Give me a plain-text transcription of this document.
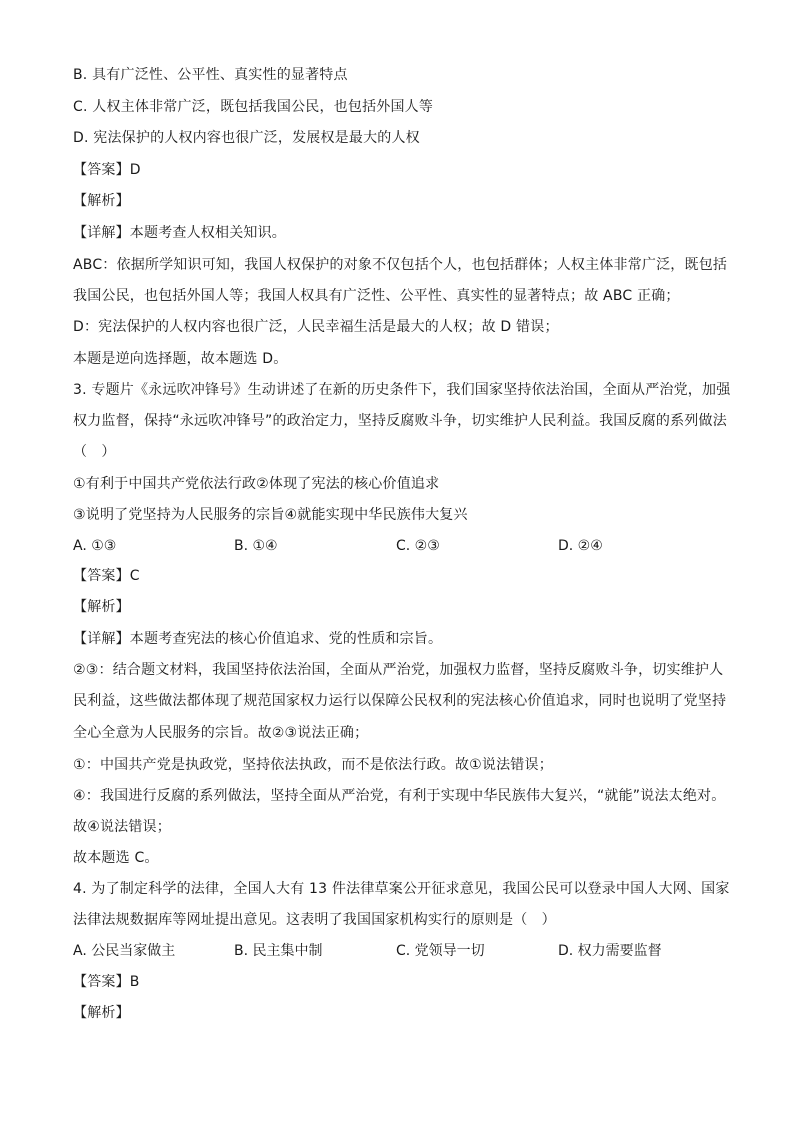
B. 具有广泛性、公平性、真实性的显著特点
C. 人权主体非常广泛，既包括我国公民，也包括外国人等
D. 宪法保护的人权内容也很广泛，发展权是最大的人权
【答案】D
【解析】
【详解】本题考查人权相关知识。
ABC：依据所学知识可知，我国人权保护的对象不仅包括个人，也包括群体；人权主体非常广泛，既包括
我国公民，也包括外国人等；我国人权具有广泛性、公平性、真实性的显著特点；故 ABC 正确；
D：宪法保护的人权内容也很广泛，人民幸福生活是最大的人权；故 D 错误；
本题是逆向选择题，故本题选 D。
3. 专题片《永远吹冲锋号》生动讲述了在新的历史条件下，我们国家坚持依法治国，全面从严治党，加强
权力监督，保持“永远吹冲锋号”的政治定力，坚持反腐败斗争，切实维护人民利益。我国反腐的系列做法
（　）
①有利于中国共产党依法行政②体现了宪法的核心价值追求
③说明了党坚持为人民服务的宗旨④就能实现中华民族伟大复兴
A. ①③	B. ①④	C. ②③	D. ②④
【答案】C
【解析】
【详解】本题考查宪法的核心价值追求、党的性质和宗旨。
②③：结合题文材料，我国坚持依法治国，全面从严治党，加强权力监督，坚持反腐败斗争，切实维护人
民利益，这些做法都体现了规范国家权力运行以保障公民权利的宪法核心价值追求，同时也说明了党坚持
全心全意为人民服务的宗旨。故②③说法正确；
①：中国共产党是执政党，坚持依法执政，而不是依法行政。故①说法错误；
④：我国进行反腐的系列做法，坚持全面从严治党，有利于实现中华民族伟大复兴，“就能”说法太绝对。
故④说法错误；
故本题选 C。
4. 为了制定科学的法律，全国人大有 13 件法律草案公开征求意见，我国公民可以登录中国人大网、国家
法律法规数据库等网址提出意见。这表明了我国国家机构实行的原则是（　）
A. 公民当家做主	B. 民主集中制	C. 党领导一切	D. 权力需要监督
【答案】B
【解析】
